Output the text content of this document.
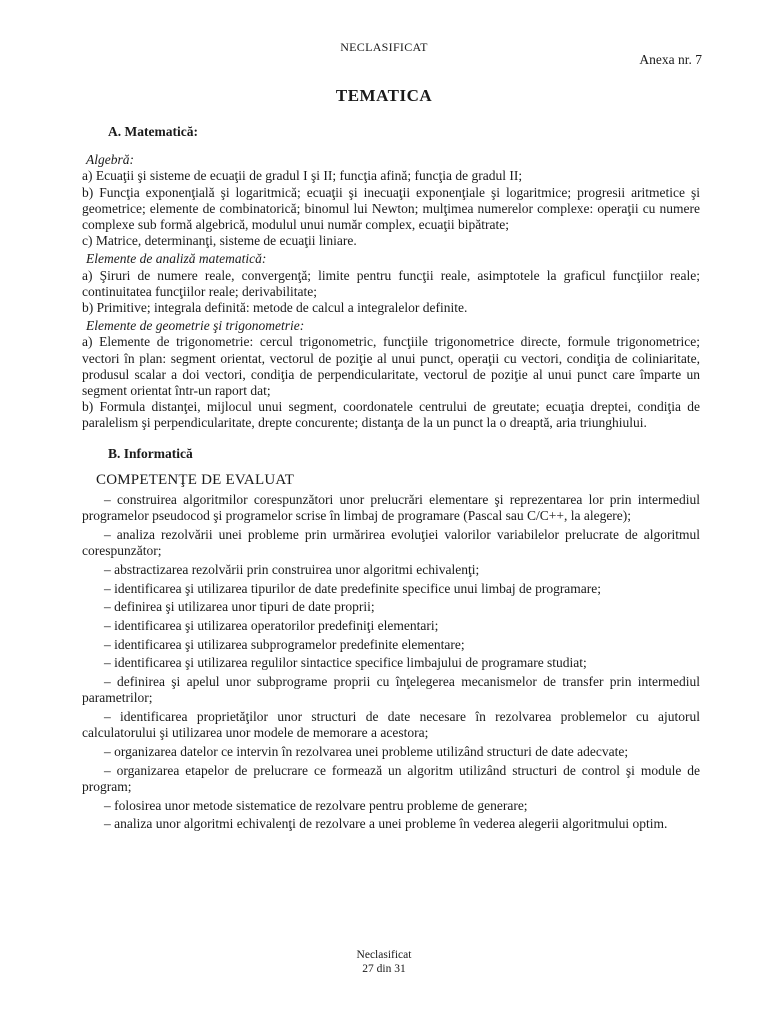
NECLASIFICAT
Anexa nr. 7
TEMATICA
A. Matematică:

Algebră:

a) Ecuaţii şi sisteme de ecuaţii de gradul I şi II; funcţia afină; funcţia de gradul II;

b) Funcţia exponenţială şi logaritmică; ecuaţii şi inecuaţii exponenţiale şi logaritmice; progresii aritmetice şi geometrice; elemente de combinatorică; binomul lui Newton; mulţimea numerelor complexe: operaţii cu numere complexe sub formă algebrică, modulul unui număr complex, ecuaţii bipătrate;

c) Matrice, determinanţi, sisteme de ecuaţii liniare.

Elemente de analiză matematică:

a) Şiruri de numere reale, convergenţă; limite pentru funcţii reale, asimptotele la graficul funcţiilor reale; continuitatea funcţiilor reale; derivabilitate;

b) Primitive; integrala definită: metode de calcul a integralelor definite.

Elemente de geometrie şi trigonometrie:

a) Elemente de trigonometrie: cercul trigonometric, funcţiile trigonometrice directe, formule trigonometrice; vectori în plan: segment orientat, vectorul de poziţie al unui punct, operaţii cu vectori, condiţia de coliniaritate, produsul scalar a doi vectori, condiţia de perpendicularitate, vectorul de poziţie al unui punct care împarte un segment orientat într-un raport dat;

b) Formula distanţei, mijlocul unui segment, coordonatele centrului de greutate; ecuaţia dreptei, condiţia de paralelism şi perpendicularitate, drepte concurente; distanţa de la un punct la o dreaptă, aria triunghiului.

B. Informatică
COMPETENŢE DE EVALUAT

– construirea algoritmilor corespunzători unor prelucrări elementare şi reprezentarea lor prin intermediul programelor pseudocod şi programelor scrise în limbaj de programare (Pascal sau C/C++, la alegere);

– analiza rezolvării unei probleme prin urmărirea evoluţiei valorilor variabilelor prelucrate de algoritmul corespunzător;

– abstractizarea rezolvării prin construirea unor algoritmi echivalenţi;

– identificarea şi utilizarea tipurilor de date predefinite specifice unui limbaj de programare;

– definirea şi utilizarea unor tipuri de date proprii;

– identificarea şi utilizarea operatorilor predefiniţi elementari;

– identificarea şi utilizarea subprogramelor predefinite elementare;

– identificarea şi utilizarea regulilor sintactice specifice limbajului de programare studiat;

– definirea şi apelul unor subprograme proprii cu înţelegerea mecanismelor de transfer prin intermediul parametrilor;

– identificarea proprietăţilor unor structuri de date necesare în rezolvarea problemelor cu ajutorul calculatorului şi utilizarea unor modele de memorare a acestora;

– organizarea datelor ce intervin în rezolvarea unei probleme utilizând structuri de date adecvate;

– organizarea etapelor de prelucrare ce formează un algoritm utilizând structuri de control şi module de program;

– folosirea unor metode sistematice de rezolvare pentru probleme de generare;

– analiza unor algoritmi echivalenţi de rezolvare a unei probleme în vederea alegerii algoritmului optim.

Neclasificat
27 din 31
